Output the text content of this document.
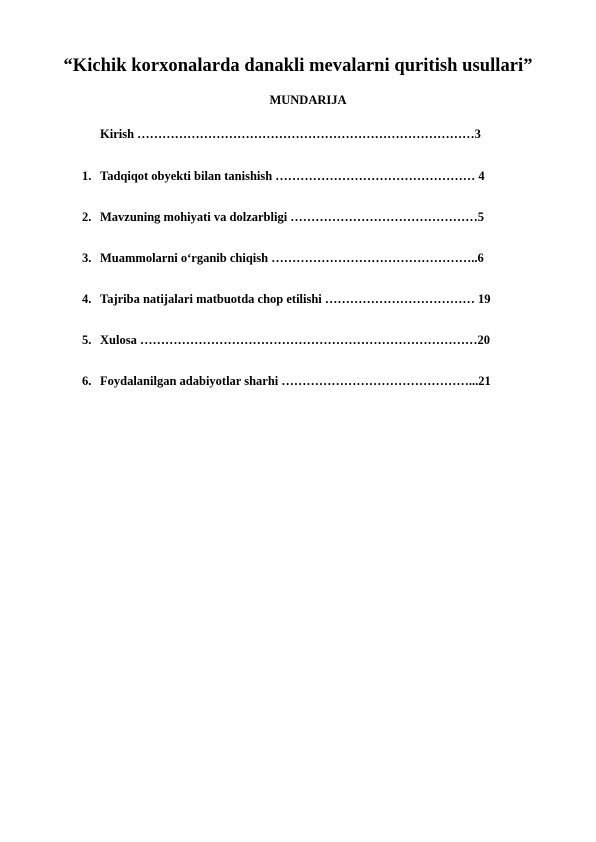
“Kichik korxonalarda danakli mevalarni quritish usullari”
MUNDARIJA
Kirish ………………………………………………………………………3
1. Tadqiqot obyekti bilan tanishish ………………………………………… 4
2. Mavzuning mohiyati va dolzarbligi ………………………………………5
3. Muammolarni o‘rganib chiqish …………………………………………..6
4. Tajriba natijalari matbuotda chop etilishi ……………………………… 19
5. Xulosa ………………………………………………………………………20
6. Foydalanilgan adabiyotlar sharhi ………………………………………...21
